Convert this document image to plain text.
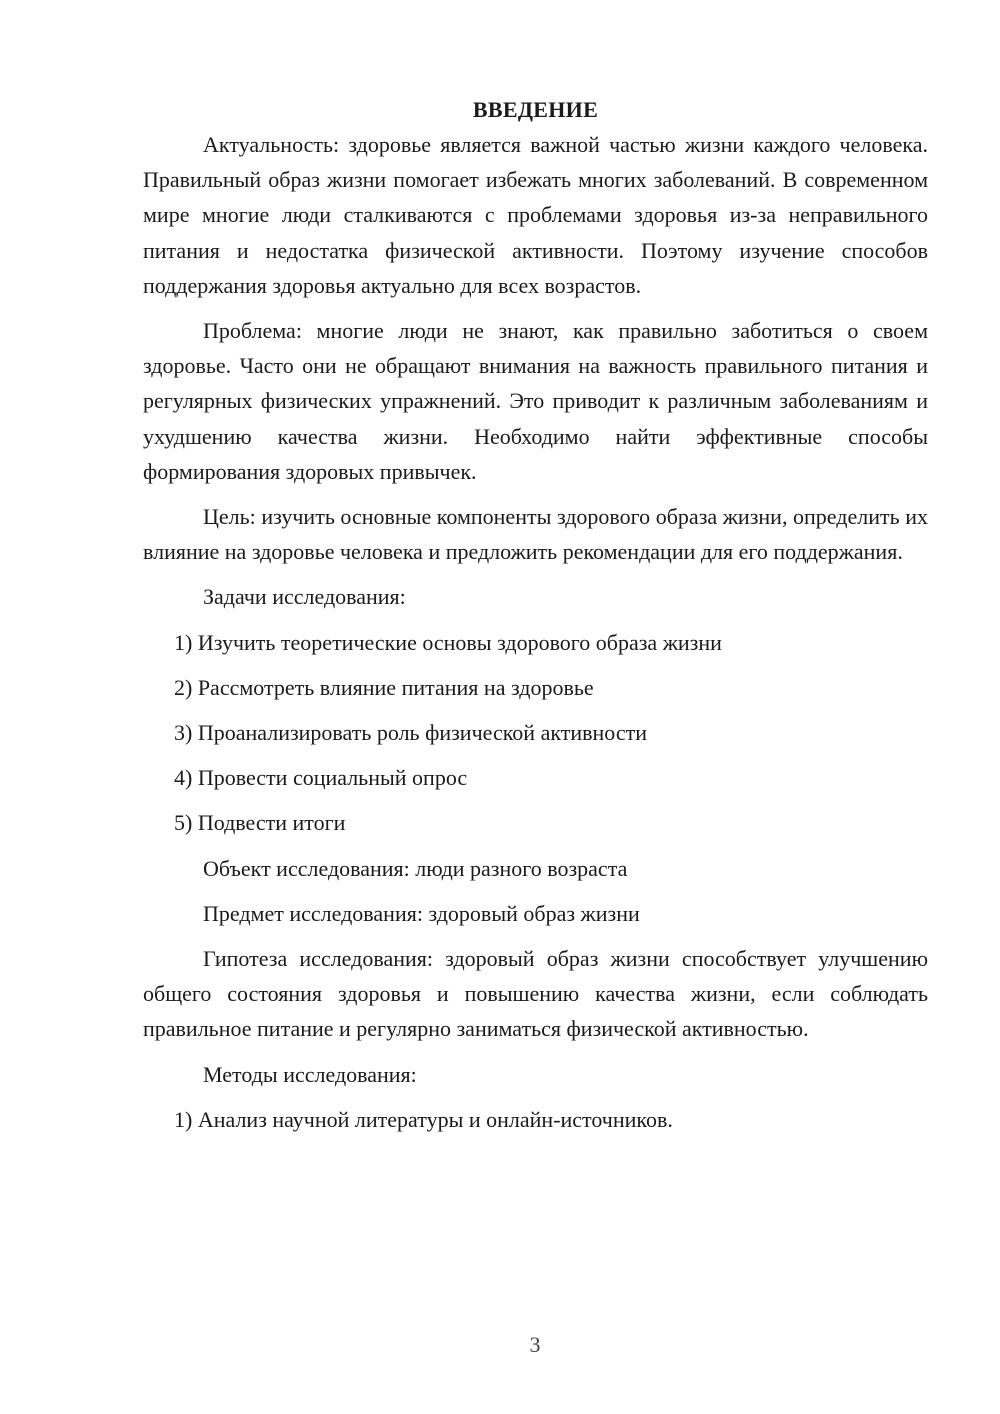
ВВЕДЕНИЕ

Актуальность: здоровье является важной частью жизни каждого человека. Правильный образ жизни помогает избежать многих заболеваний. В современном мире многие люди сталкиваются с проблемами здоровья из-за неправильного питания и недостатка физической активности. Поэтому изучение способов поддержания здоровья актуально для всех возрастов.

Проблема: многие люди не знают, как правильно заботиться о своем здоровье. Часто они не обращают внимания на важность правильного питания и регулярных физических упражнений. Это приводит к различным заболеваниям и ухудшению качества жизни. Необходимо найти эффективные способы формирования здоровых привычек.

Цель: изучить основные компоненты здорового образа жизни, определить их влияние на здоровье человека и предложить рекомендации для его поддержания.

Задачи исследования:

1) Изучить теоретические основы здорового образа жизни

2) Рассмотреть влияние питания на здоровье

3) Проанализировать роль физической активности

4) Провести социальный опрос

5) Подвести итоги

Объект исследования: люди разного возраста

Предмет исследования: здоровый образ жизни

Гипотеза исследования: здоровый образ жизни способствует улучшению общего состояния здоровья и повышению качества жизни, если соблюдать правильное питание и регулярно заниматься физической активностью.

Методы исследования:

1) Анализ научной литературы и онлайн-источников.

3
